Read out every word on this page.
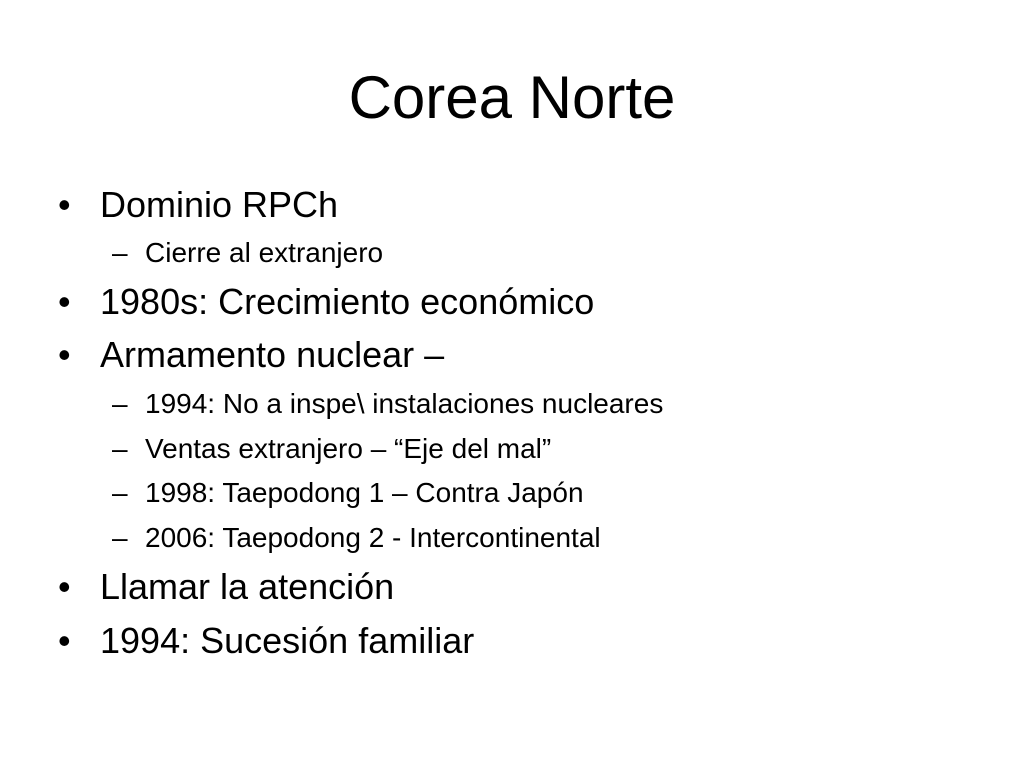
Corea Norte
• Dominio RPCh
– Cierre al extranjero
• 1980s: Crecimiento económico
• Armamento nuclear –
– 1994: No a inspe\ instalaciones nucleares
– Ventas extranjero – “Eje del mal”
– 1998: Taepodong 1 – Contra Japón
– 2006: Taepodong 2 - Intercontinental
• Llamar la atención
• 1994: Sucesión familiar
